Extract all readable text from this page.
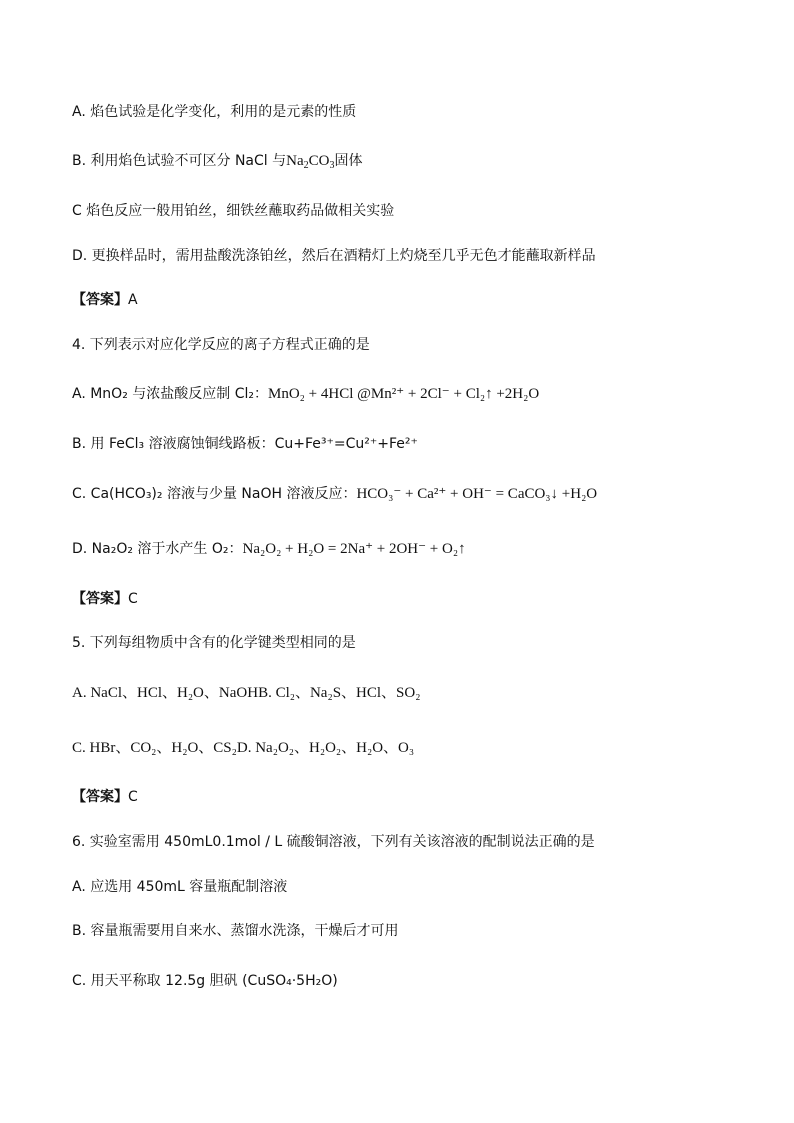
A. 焰色试验是化学变化，利用的是元素的性质
B. 利用焰色试验不可区分 NaCl 与$Na_2CO_3$固体
C 焰色反应一般用铂丝，细铁丝蘸取药品做相关实验
D. 更换样品时，需用盐酸洗涤铂丝，然后在酒精灯上灼烧至几乎无色才能蘸取新样品
【答案】A
4. 下列表示对应化学反应的离子方程式正确的是
A. MnO₂ 与浓盐酸反应制 Cl₂：MnO₂ + 4HCl @Mn²⁺ + 2Cl⁻ + Cl₂↑ +2H₂O
B. 用 FeCl₃ 溶液腐蚀铜线路板：Cu+Fe³⁺=Cu²⁺+Fe²⁺
C. Ca(HCO₃)₂ 溶液与少量 NaOH 溶液反应：HCO₃⁻ + Ca²⁺ + OH⁻ = CaCO₃↓ +H₂O
D. Na₂O₂ 溶于水产生 O₂：Na₂O₂ + H₂O = 2Na⁺ + 2OH⁻ + O₂↑
【答案】C
5. 下列每组物质中含有的化学键类型相同的是
A. NaCl、HCl、H₂O、NaOHB. Cl₂、Na₂S、HCl、SO₂
C. HBr、CO₂、H₂O、CS₂D. Na₂O₂、H₂O₂、H₂O、O₃
【答案】C
6. 实验室需用 450mL0.1mol / L 硫酸铜溶液，下列有关该溶液的配制说法正确的是
A. 应选用 450mL 容量瓶配制溶液
B. 容量瓶需要用自来水、蒸馏水洗涤，干燥后才可用
C. 用天平称取 12.5g 胆矾 (CuSO₄·5H₂O)
